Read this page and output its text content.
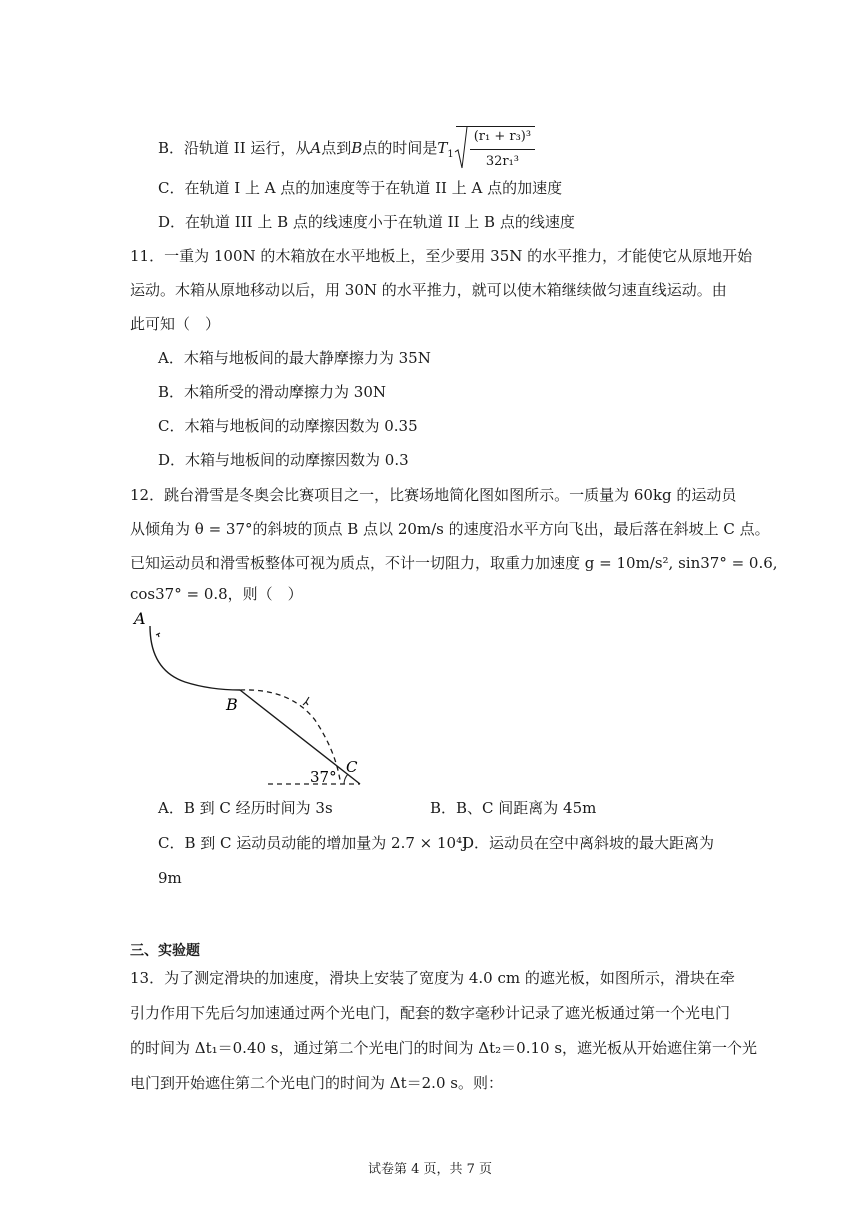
B．沿轨道 II 运行，从A点到B点的时间是$T_1 \frac{\text{(r₁ + r₃)³}}{\text{32r₁³}}$
C．在轨道 I 上 A 点的加速度等于在轨道 II 上 A 点的加速度
D．在轨道 III 上 B 点的线速度小于在轨道 II 上 B 点的线速度
11．一重为 100N 的木箱放在水平地板上，至少要用 35N 的水平推力，才能使它从原地开始
运动。木箱从原地移动以后，用 30N 的水平推力，就可以使木箱继续做匀速直线运动。由
此可知（　）
A．木箱与地板间的最大静摩擦力为 35N
B．木箱所受的滑动摩擦力为 30N
C．木箱与地板间的动摩擦因数为 0.35
D．木箱与地板间的动摩擦因数为 0.3
12．跳台滑雪是冬奥会比赛项目之一，比赛场地简化图如图所示。一质量为 60kg 的运动员
从倾角为 θ = 37°的斜坡的顶点 B 点以 20m/s 的速度沿水平方向飞出，最后落在斜坡上 C 点。
已知运动员和滑雪板整体可视为质点，不计一切阻力，取重力加速度 g = 10m/s², sin37° = 0.6,
cos37° = 0.8，则（　）
A
B
C
37°
A．B 到 C 经历时间为 3s	B．B、C 间距离为 45m
C．B 到 C 运动员动能的增加量为 2.7 × 10⁴J
D．运动员在空中离斜坡的最大距离为
9m
三、实验题
13．为了测定滑块的加速度，滑块上安装了宽度为 4.0 cm 的遮光板，如图所示，滑块在牵
引力作用下先后匀加速通过两个光电门，配套的数字毫秒计记录了遮光板通过第一个光电门
的时间为 Δt₁＝0.40 s，通过第二个光电门的时间为 Δt₂＝0.10 s，遮光板从开始遮住第一个光
电门到开始遮住第二个光电门的时间为 Δt＝2.0 s。则：
试卷第 4 页，共 7 页
